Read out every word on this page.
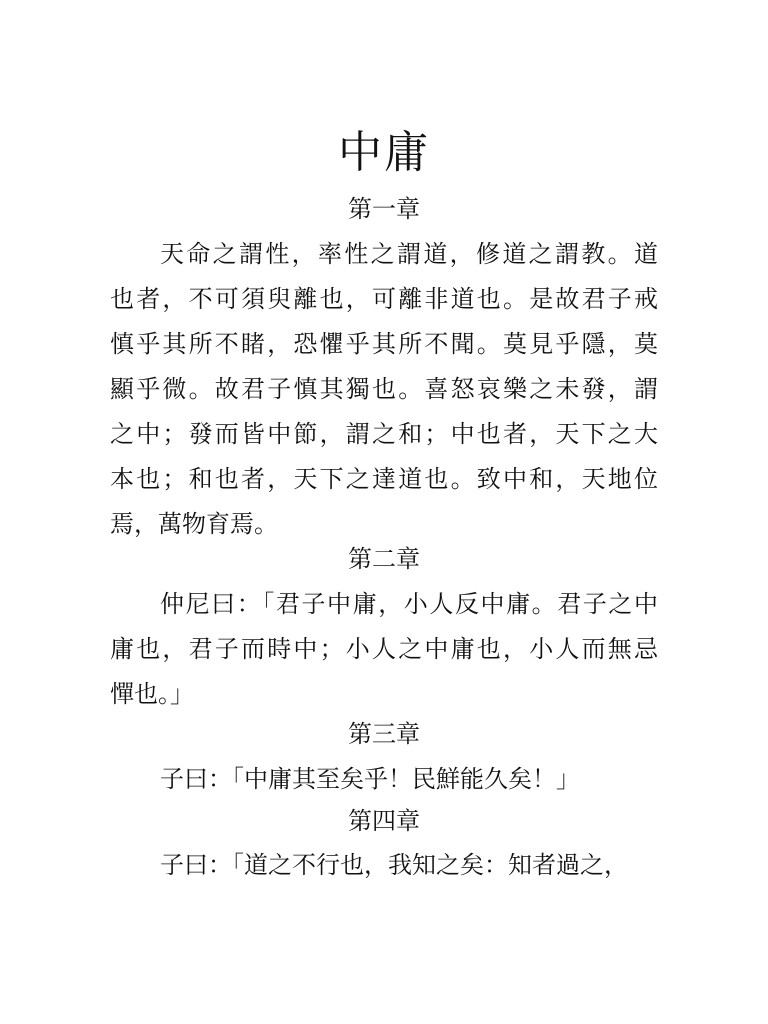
中庸
第一章
天命之謂性，率性之謂道，修道之謂教。道
也者，不可須臾離也，可離非道也。是故君子戒
慎乎其所不睹，恐懼乎其所不聞。莫見乎隱，莫
顯乎微。故君子慎其獨也。喜怒哀樂之未發，謂
之中；發而皆中節，謂之和；中也者，天下之大
本也；和也者，天下之達道也。致中和，天地位
焉，萬物育焉。
第二章
仲尼曰：「君子中庸，小人反中庸。君子之中
庸也，君子而時中；小人之中庸也，小人而無忌
憚也。」
第三章
子曰：「中庸其至矣乎！民鮮能久矣！」
第四章
子曰：「道之不行也，我知之矣：知者過之，
